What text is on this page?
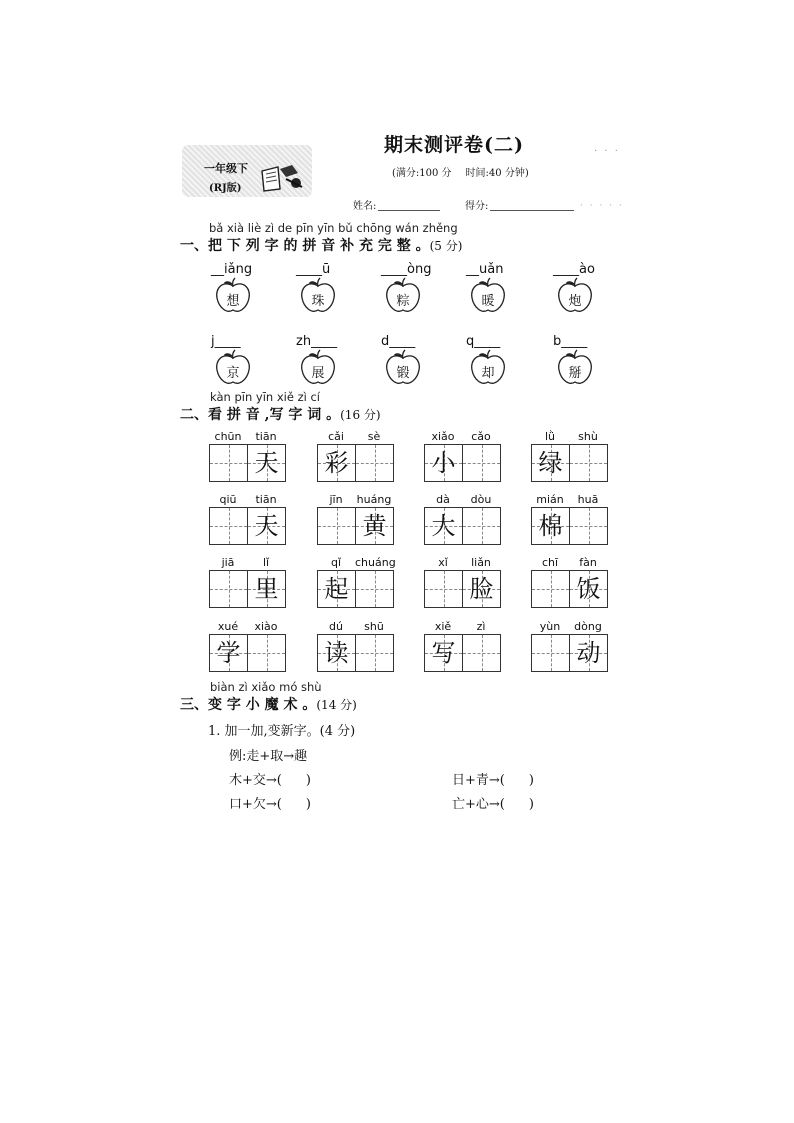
一年级下
(RJ版)
期末测评卷(二)
(满分:100 分 时间:40 分钟)
姓名:	得分:
· · ·
· · · · ·
bǎ xià liè zì de pīn yīn bǔ chōng wán zhěng
一、把 下 列 字 的 拼 音 补 充 完 整 。(5 分)
__iǎng
想
____ū
珠
____òng
粽
__uǎn
暖
____ào
炮
j____
京
zh____
展
d____
锻
q____
却
b____
掰
kàn pīn yīn xiě zì cí
二、看 拼 音 ,写 字 词 。(16 分)
chūn	tiān
天
cǎi	sè
彩
xiǎo	cǎo
小
lǜ	shù
绿
qiū	tiān
天
jīn	huáng
黄
dà	dòu
大
mián	huā
棉
jiā	lǐ
里
qǐ	chuáng
起
xǐ	liǎn
脸
chī	fàn
饭
xué	xiào
学
dú	shū
读
xiě	zì
写
yùn	dòng
动
biàn zì xiǎo mó shù
三、变 字 小 魔 术 。(14 分)
1. 加一加,变新字。(4 分)
例:走+取→趣
木+交→( )	日+青→( )
口+欠→( )	亡+心→( )
